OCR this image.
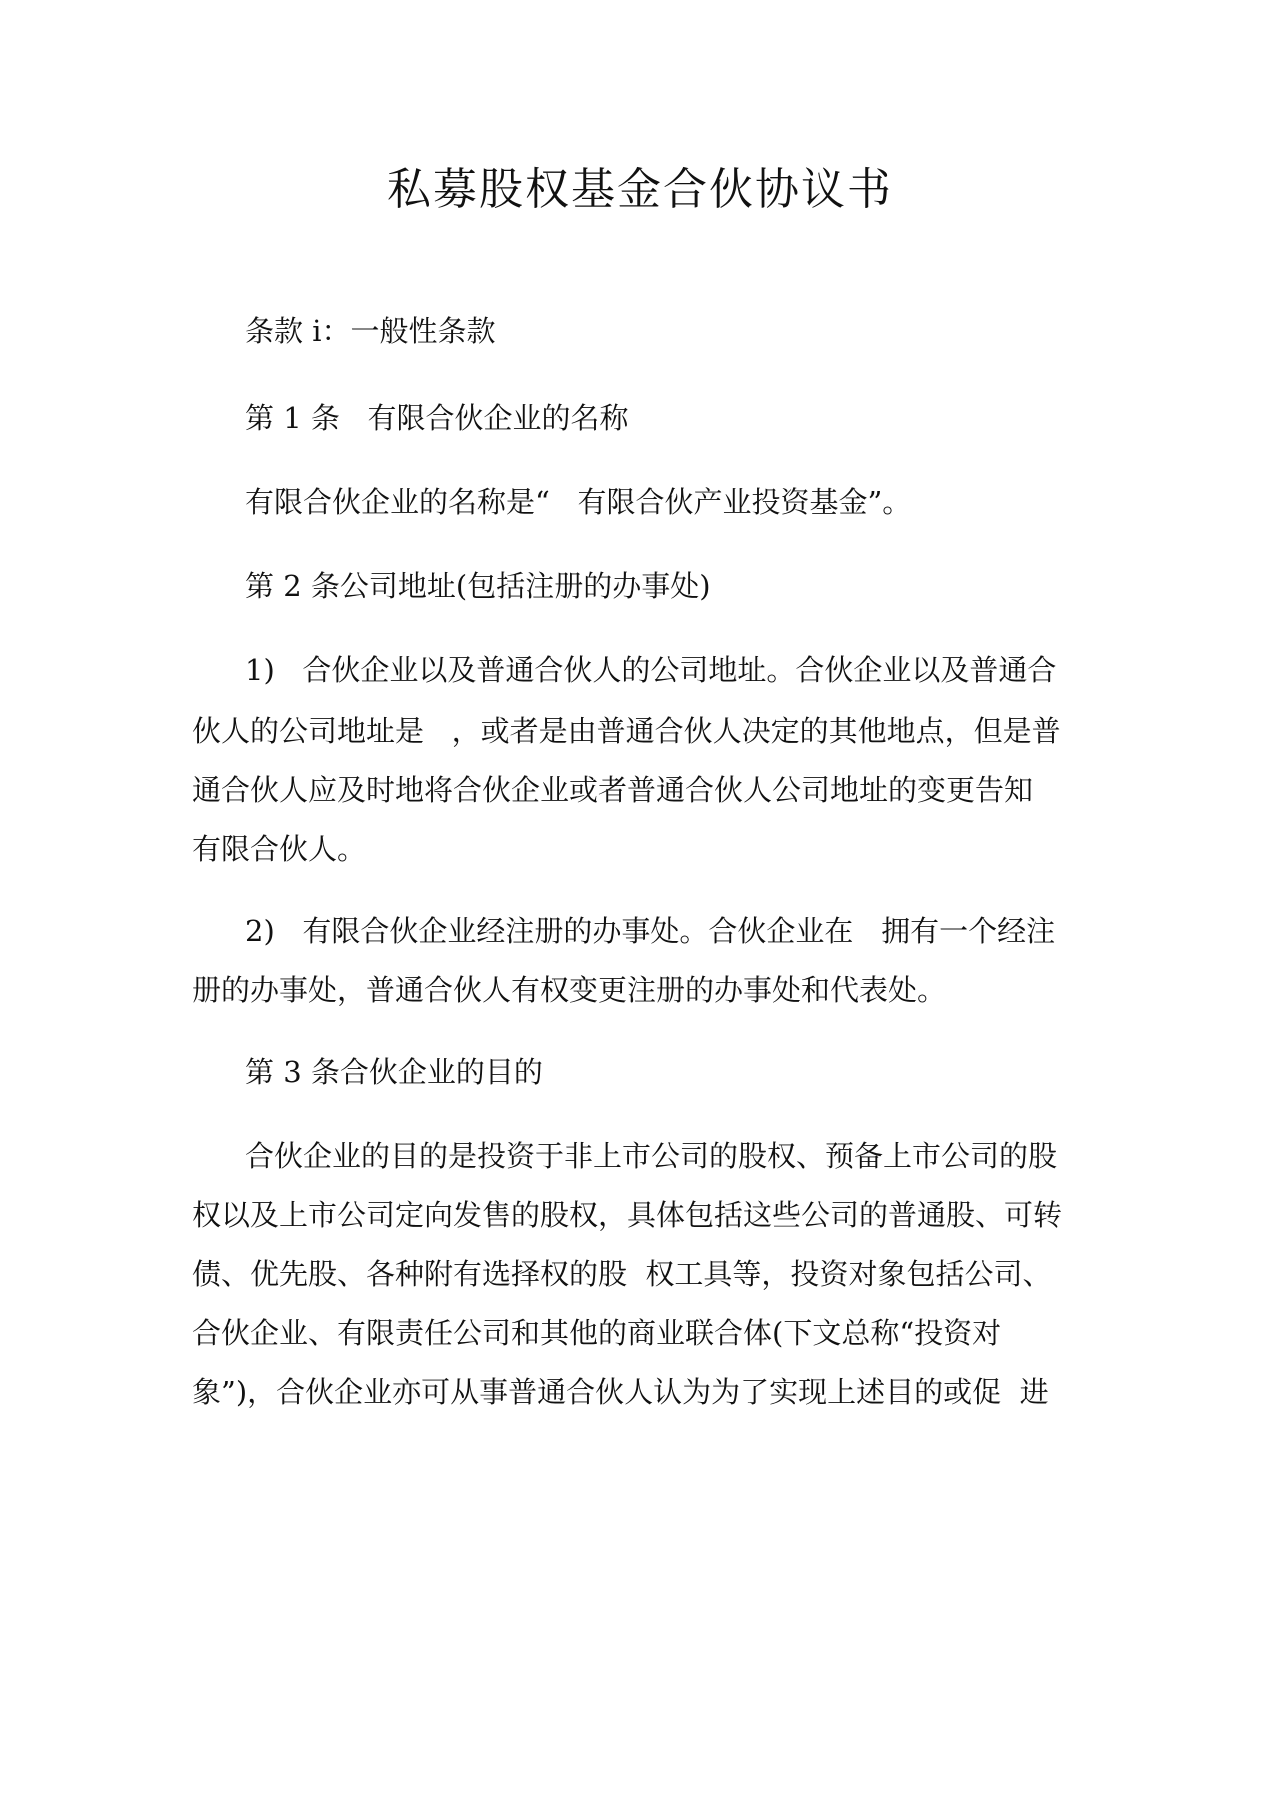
私募股权基金合伙协议书

条款 i：一般性条款

第 1 条   有限合伙企业的名称

有限合伙企业的名称是“   有限合伙产业投资基金”。

第 2 条公司地址(包括注册的办事处)

1)   合伙企业以及普通合伙人的公司地址。合伙企业以及普通合

伙人的公司地址是   ，或者是由普通合伙人决定的其他地点，但是普

通合伙人应及时地将合伙企业或者普通合伙人公司地址的变更告知

有限合伙人。

2)   有限合伙企业经注册的办事处。合伙企业在   拥有一个经注

册的办事处，普通合伙人有权变更注册的办事处和代表处。

第 3 条合伙企业的目的

合伙企业的目的是投资于非上市公司的股权、预备上市公司的股

权以及上市公司定向发售的股权，具体包括这些公司的普通股、可转

债、优先股、各种附有选择权的股  权工具等，投资对象包括公司、

合伙企业、有限责任公司和其他的商业联合体(下文总称“投资对

象”)，合伙企业亦可从事普通合伙人认为为了实现上述目的或促  进
